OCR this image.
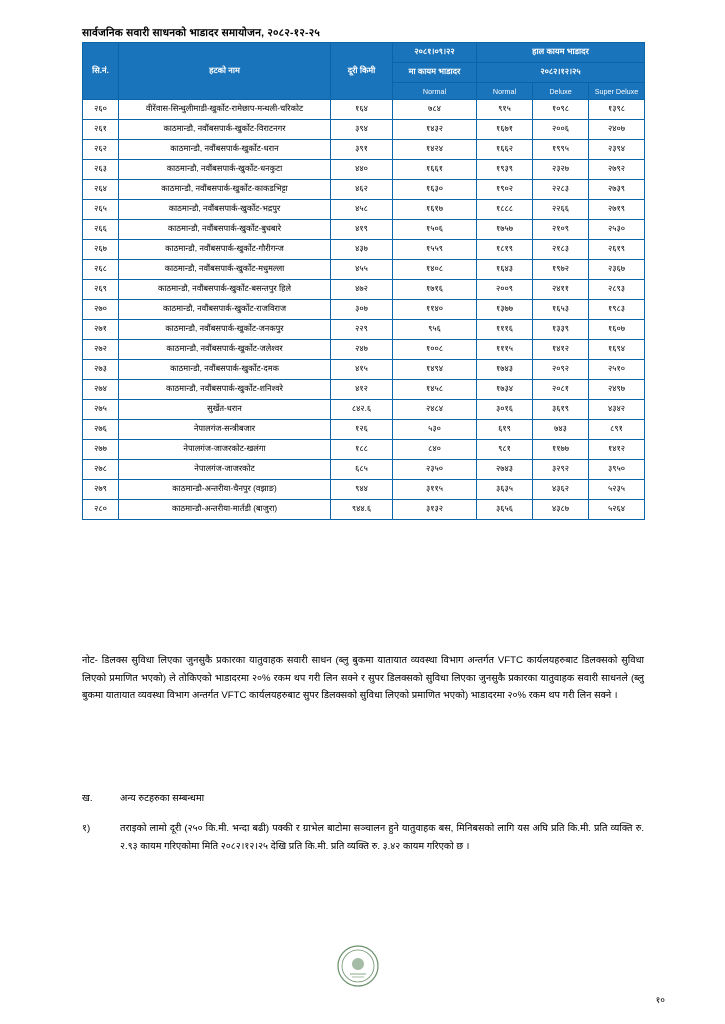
सार्वजनिक सवारी साधनको भाडादर समायोजन, २०८२-१२-२५
सि.नं.	हटको नाम	दूरी किमी	२०८१।०९।२२	हाल कायम भाडादर		
			मा कायम भाडादर	२०८२।१२।२५		
			Normal	Normal	Deluxe	Super Deluxe
२६०	वीरेंवास-सिन्धुलीमाडी-खुर्कोट-रामेछाप-मन्थली-चरिकोट	१६४	७८४	९१५	१०९८	१३९८
२६१	काठमान्डौ, नवौंबसपार्क-खुर्कोट-विराटनगर	३९४	१४३२	१६७१	२००६	२४०७
२६२	काठमान्डौ, नवौंबसपार्क-खुर्कोट-धरान	३९१	१४२४	१६६२	१९९५	२३९४
२६३	काठमान्डौ, नवौंबसपार्क-खुर्कोट-धनकुटा	४४०	१६६१	१९३९	२३२७	२७९२
२६४	काठमान्डौ, नवौंबसपार्क-खुर्कोट-काकडभिट्टा	४६२	१६३०	१९०२	२२८३	२७३९
२६५	काठमान्डौ, नवौंबसपार्क-खुर्कोट-भद्रपुर	४५८	१६१७	१८८८	२२६६	२७१९
२६६	काठमान्डौ, नवौंबसपार्क-खुर्कोट-बुधबारे	४१९	१५०६	१७५७	२१०९	२५३०
२६७	काठमान्डौ, नवौंबसपार्क-खुर्कोट-गौरीगन्ज	४३७	१५५९	१८१९	२१८३	२६१९
२६८	काठमान्डौ, नवौंबसपार्क-खुर्कोट-मधुमल्ला	४५५	१४०८	१६४३	१९७२	२३६७
२६९	काठमान्डौ, नवौंबसपार्क-खुर्कोट-बसन्तपुर हिले	४७२	१७१६	२००९	२४११	२८९३
२७०	काठमान्डौ, नवौंबसपार्क-खुर्कोट-राजविराज	३०७	११४०	१३७७	१६५३	१९८३
२७१	काठमान्डौ, नवौंबसपार्क-खुर्कोट-जनकपुर	२२९	९५६	१११६	१३३९	१६०७
२७२	काठमान्डौ, नवौंबसपार्क-खुर्कोट-जलेश्वर	२४७	१००८	१११५	१४१२	१६९४
२७३	काठमान्डौ, नवौंबसपार्क-खुर्कोट-दमक	४१५	१४९४	१७४३	२०९२	२५१०
२७४	काठमान्डौ, नवौंबसपार्क-खुर्कोट-शनिश्वरे	४१२	१४५८	१७३४	२०८१	२४९७
२७५	सुर्खेत-धरान	८४२.६	२४८४	३०१६	३६१९	४३४२
२७६	नेपालगंज-सन्त्रीबजार	१२६	५३०	६१९	७४३	८९१
२७७	नेपालगंज-जाजरकोट-खलंगा	१८८	८४०	९८१	११७७	१४१२
२७८	नेपालगंज-जाजरकोट	६८५	२३५०	२७४३	३२९२	३९५०
२७९	काठमान्डौ-अन्तरीया-चैनपुर (वझाङ)	९४४	३११५	३६३५	४३६२	५२३५
२८०	काठमान्डौ-अन्तरीया-मार्तडी (बाजुरा)	९४४.६	३१३२	३६५६	४३८७	५२६४

नोट- डिलक्स सुविधा लिएका जुनसुकै प्रकारका यातुवाहक सवारी साधन (ब्लु बुकमा यातायात व्यवस्था विभाग अन्तर्गत VFTC कार्यलयहरुबाट डिलक्सको सुविधा लिएको प्रमाणित भएको) ले तोकिएको भाडादरमा २०% रकम थप गरी लिन सक्ने र सुपर डिलक्सको सुविधा लिएका जुनसुकै प्रकारका यातुवाहक सवारी साधनले (ब्लु बुकमा यातायात व्यवस्था विभाग अन्तर्गत VFTC कार्यलयहरुबाट सुपर डिलक्सको सुविधा लिएको प्रमाणित भएको) भाडादरमा २०% रकम थप गरी लिन सक्ने ।

ख.	अन्य रुटहरुका सम्बन्धमा
१)	तराइको लामो दूरी (२५० कि.मी. भन्दा बढी) पक्की र ग्राभेल बाटोमा सञ्चालन हुने यातुवाहक बस, मिनिबसको लागि यस अघि प्रति कि.मी. प्रति व्यक्ति रु. २.९३ कायम गरिएकोमा मिति २०८२।१२।२५ देखि प्रति कि.मी. प्रति व्यक्ति रु. ३.४२ कायम गरिएको छ ।
१०
